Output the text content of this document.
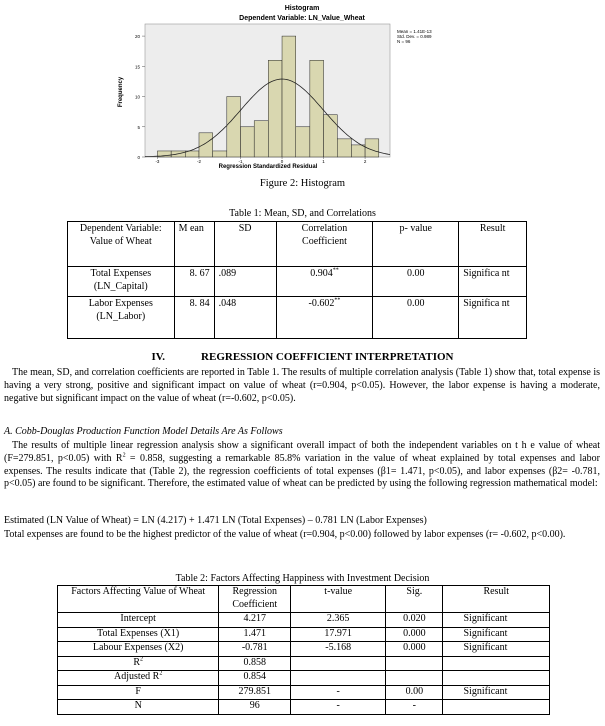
Histogram
Dependent Variable: LN_Value_Wheat
0
5
10
15
20
-3	-2	-1	0	1	2
Frequency
Regression Standardized Residual
Mean = 1.41E-13
Std. Dev. = 0.989
N = 96
Figure 2: Histogram
Table 1: Mean, SD, and Correlations
Dependent Variable: Value of Wheat	M ean	SD	Correlation Coefficient	p- value	Result
Total Expenses (LN_Capital)	8. 67	.089	0.904**	0.00	Significa nt
Labor Expenses (LN_Labor)	8. 84	.048	-0.602**	0.00	Significa nt
IV.	REGRESSION COEFFICIENT INTERPRETATION

The mean, SD, and correlation coefficients are reported in Table 1. The results of multiple correlation analysis (Table 1) show that, total expense is having a very strong, positive and significant impact on value of wheat (r=0.904, p<0.05). However, the labor expense is having a moderate, negative but significant impact on the value of wheat (r=-0.602, p<0.05).

A. Cobb-Douglas Production Function Model Details Are As Follows

The results of multiple linear regression analysis show a significant overall impact of both the independent variables on t h e value of wheat (F=279.851, p<0.05) with $R^2 = 0.858$, suggesting a remarkable 85.8% variation in the value of wheat explained by total expenses and labor expenses. The results indicate that (Table 2), the regression coefficients of total expenses (β1= 1.471, p<0.05), and labor expenses (β2= -0.781, p<0.05) are found to be significant. Therefore, the estimated value of wheat can be predicted by using the following regression mathematical model:

Estimated (LN Value of Wheat) = LN (4.217) + 1.471 LN (Total Expenses) – 0.781 LN (Labor Expenses)

Total expenses are found to be the highest predictor of the value of wheat (r=0.904, p<0.00) followed by labor expenses (r= -0.602, p<0.00).

Table 2: Factors Affecting Happiness with Investment Decision
Factors Affecting Value of Wheat	Regression Coefficient	t-value	Sig.	Result
Intercept	4.217	2.365	0.020	Significant
Total Expenses (X1)	1.471	17.971	0.000	Significant
Labour Expenses (X2)	-0.781	-5.168	0.000	Significant
$R^2$	0.858			
Adjusted $R^2$	0.854			
F	279.851	-	0.00	Significant
N	96	-	-	
